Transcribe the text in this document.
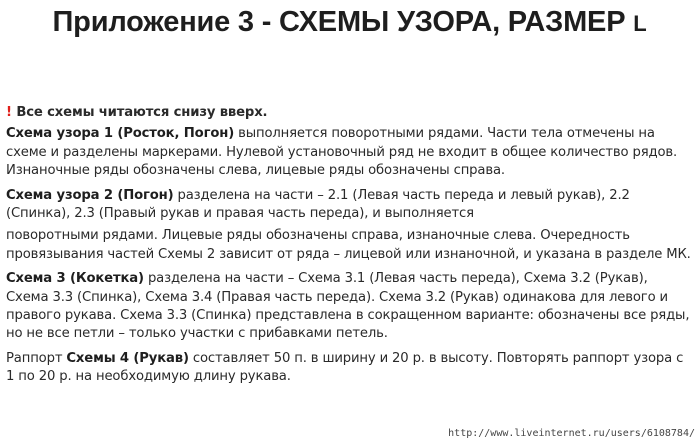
Приложение 3 - СХЕМЫ УЗОРА, РАЗМЕР L

! Все схемы читаются снизу вверх.

Схема узора 1 (Росток, Погон) выполняется поворотными рядами. Части тела отмечены на схеме и разделены маркерами. Нулевой установочный ряд не входит в общее количество рядов. Изнаночные ряды обозначены слева, лицевые ряды обозначены справа.

Схема узора 2 (Погон) разделена на части – 2.1 (Левая часть переда и левый рукав), 2.2 (Спинка), 2.3 (Правый рукав и правая часть переда), и выполняется

поворотными рядами. Лицевые ряды обозначены справа, изнаночные слева. Очередность провязывания частей Схемы 2 зависит от ряда – лицевой или изнаночной, и указана в разделе МК.

Схема 3 (Кокетка) разделена на части – Схема 3.1 (Левая часть переда), Схема 3.2 (Рукав), Схема 3.3 (Спинка), Схема 3.4 (Правая часть переда). Схема 3.2 (Рукав) одинакова для левого и правого рукава. Схема 3.3 (Спинка) представлена в сокращенном варианте: обозначены все ряды, но не все петли – только участки с прибавками петель.

Раппорт Схемы 4 (Рукав) составляет 50 п. в ширину и 20 р. в высоту. Повторять раппорт узора с 1 по 20 р. на необходимую длину рукава.

http://www.liveinternet.ru/users/6108784/
